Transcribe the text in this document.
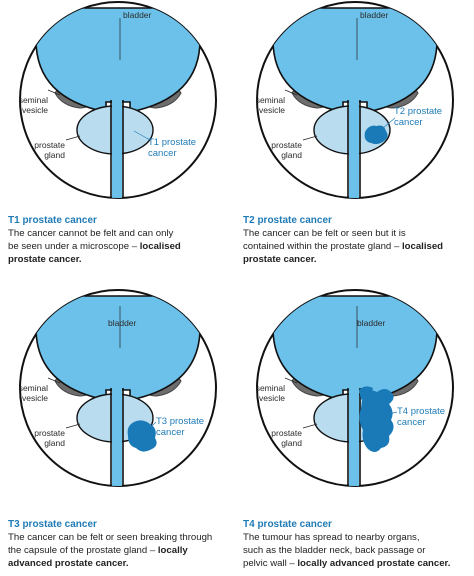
bladder

seminal
vesicle

prostate
gland

T1 prostate
cancer

T1 prostate cancer

The cancer cannot be felt and can only

be seen under a microscope – localised

prostate cancer.

bladder

seminal
vesicle

prostate
gland

T2 prostate
cancer

T2 prostate cancer

The cancer can be felt or seen but it is

contained within the prostate gland – localised

prostate cancer.

bladder

seminal
vesicle

prostate
gland

T3 prostate
cancer

T3 prostate cancer

The cancer can be felt or seen breaking through

the capsule of the prostate gland – locally

advanced prostate cancer.

bladder

seminal
vesicle

prostate
gland

T4 prostate
cancer

T4 prostate cancer

The tumour has spread to nearby organs,

such as the bladder neck, back passage or

pelvic wall – locally advanced prostate cancer.
